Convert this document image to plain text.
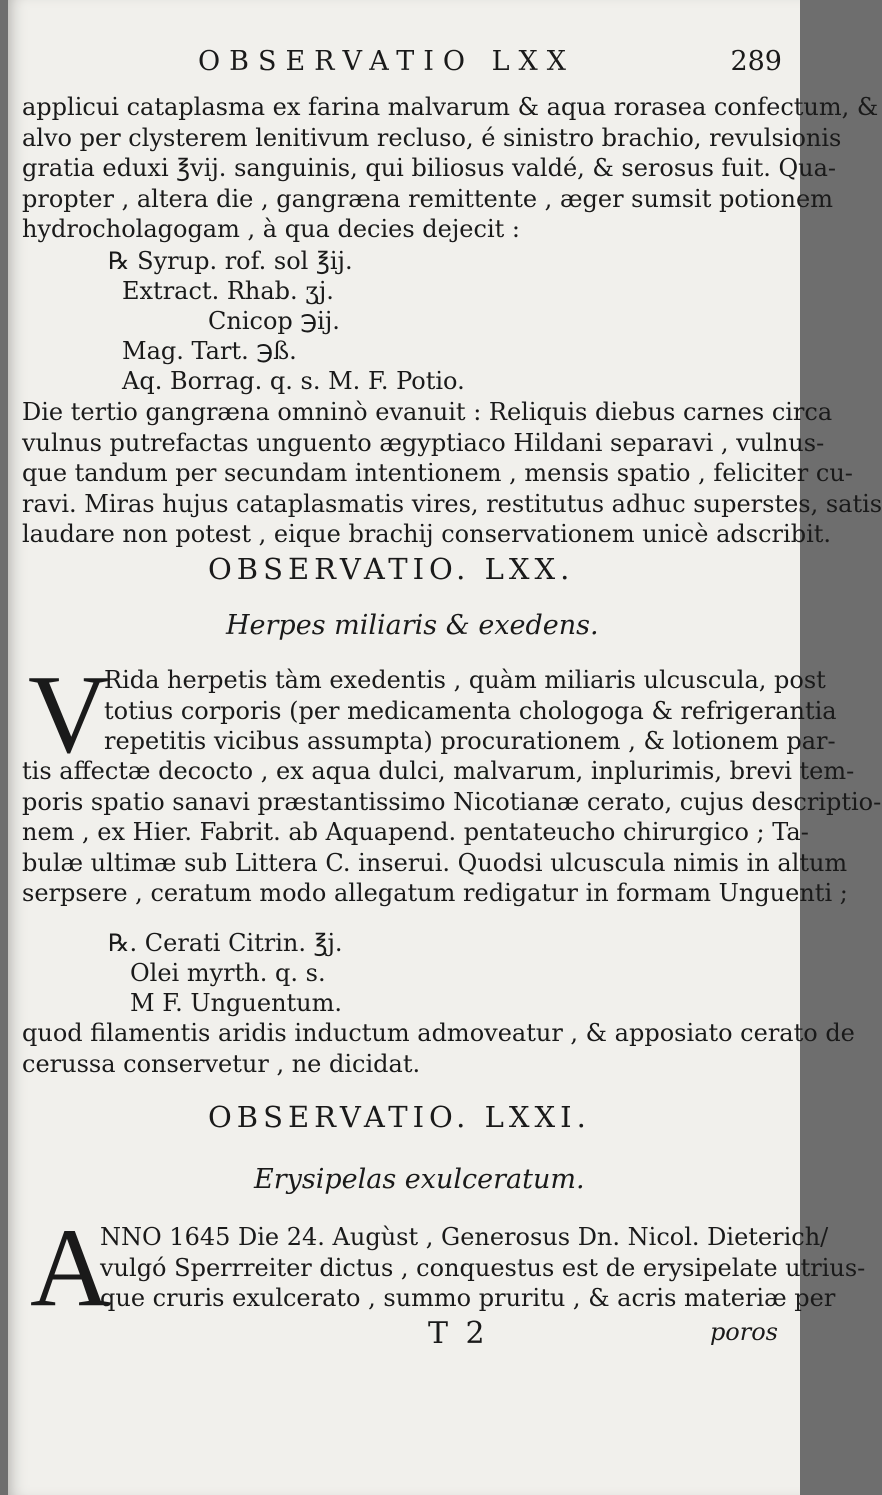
OBSERVATIO LXX	289
applicui cataplasma ex farina malvarum & aqua rorasea confectum, &
alvo per clysterem lenitivum recluso, é sinistro brachio, revulsionis
gratia eduxi ℥vij. sanguinis, qui biliosus valdé, & serosus fuit. Qua-
propter , altera die , gangræna remittente , æger sumsit potionem
hydrocholagogam , à qua decies dejecit :
℞ Syrup. rof. sol ℥ij.
Extract. Rhab. ʒj.
Cnicop ℈ij.
Mag. Tart. ℈ß.
Aq. Borrag. q. s. M. F. Potio.
Die tertio gangræna omninò evanuit : Reliquis diebus carnes circa
vulnus putrefactas unguento ægyptiaco Hildani separavi , vulnus-
que tandum per secundam intentionem , mensis spatio , feliciter cu-
ravi. Miras hujus cataplasmatis vires, restitutus adhuc superstes, satis
laudare non potest , eique brachij conservationem unicè adscribit.
OBSERVATIO. LXX.
Herpes miliaris & exedens.
V
Rida herpetis tàm exedentis , quàm miliaris ulcuscula, post
totius corporis (per medicamenta chologoga & refrigerantia
repetitis vicibus assumpta) procurationem , & lotionem par-
tis affectæ decocto , ex aqua dulci, malvarum, inplurimis, brevi tem-
poris spatio sanavi præstantissimo Nicotianæ cerato, cujus descriptio-
nem , ex Hier. Fabrit. ab Aquapend. pentateucho chirurgico ; Ta-
bulæ ultimæ sub Littera C. inserui. Quodsi ulcuscula nimis in altum
serpsere , ceratum modo allegatum redigatur in formam Unguenti ;
℞. Cerati Citrin. ℥j.
Olei myrth. q. s.
M F. Unguentum.
quod filamentis aridis inductum admoveatur , & apposiato cerato de
cerussa conservetur , ne dicidat.
OBSERVATIO. LXXI.
Erysipelas exulceratum.
A
NNO 1645 Die 24. Augùst , Generosus Dn. Nicol. Dieterich/
vulgó Sperrreiter dictus , conquestus est de erysipelate utrius-
que cruris exulcerato , summo pruritu , & acris materiæ per
T 2	poros
